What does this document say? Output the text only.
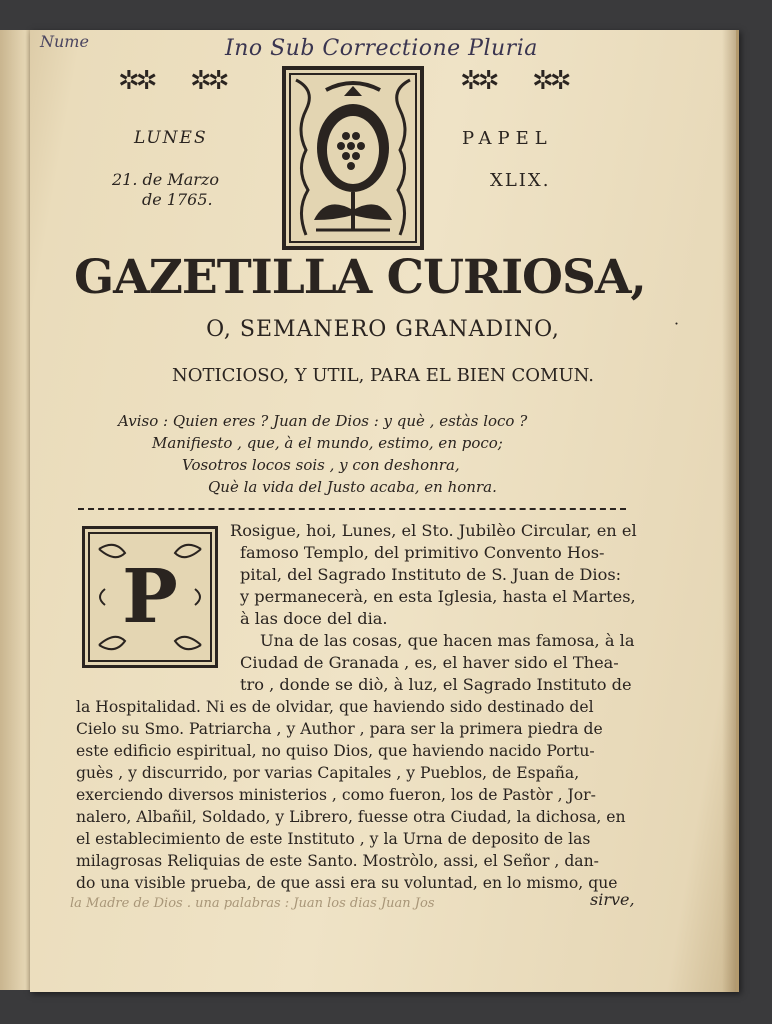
Nume	Ino Sub Correctione Pluria
✲✲ ✲✲	✲✲ ✲✲
LUNES	PAPEL
21. de Marzo
de 1765.
XLIX.
GAZETILLA CURIOSA,
O, SEMANERO GRANADINO,
NOTICIOSO, Y UTIL, PARA EL BIEN COMUN.
Aviso : Quien eres ? Juan de Dios : y què , estàs loco ?
Manifiesto , que, à el mundo, estimo, en poco;
Vosotros locos sois , y con deshonra,
Què la vida del Justo acaba, en honra.
P
Rosigue, hoi, Lunes, el Sto. Jubilèo Circular, en el
famoso Templo, del primitivo Convento Hos-
pital, del Sagrado Instituto de S. Juan de Dios:
y permanecerà, en esta Iglesia, hasta el Martes,
à las doce del dia.
Una de las cosas, que hacen mas famosa, à la
Ciudad de Granada , es, el haver sido el Thea-
tro , donde se diò, à luz, el Sagrado Instituto de
la Hospitalidad. Ni es de olvidar, que haviendo sido destinado del
Cielo su Smo. Patriarcha , y Author , para ser la primera piedra de
este edificio espiritual, no quiso Dios, que haviendo nacido Portu-
guès , y discurrido, por varias Capitales , y Pueblos, de España,
exerciendo diversos ministerios , como fueron, los de Pastòr , Jor-
nalero, Albañil, Soldado, y Librero, fuesse otra Ciudad, la dichosa, en
el establecimiento de este Instituto , y la Urna de deposito de las
milagrosas Reliquias de este Santo. Mostròlo, assi, el Señor , dan-
do una visible prueba, de que assi era su voluntad, en lo mismo, que
sirve,
la Madre de Dios . una palabras : Juan los dias Juan Jos
˙
